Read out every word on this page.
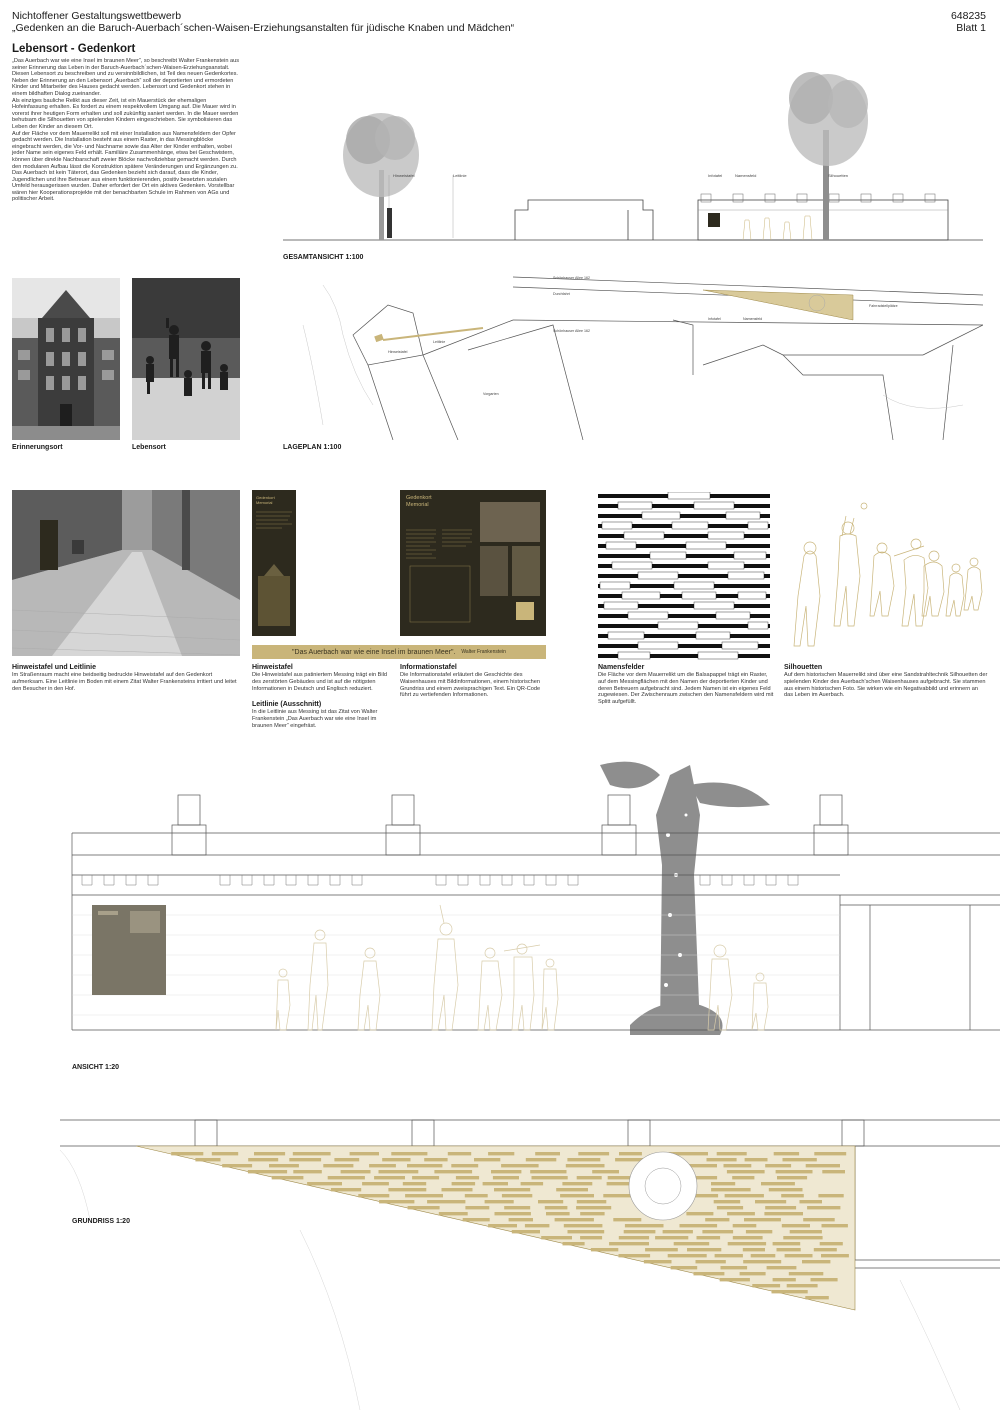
Nichtoffener Gestaltungswettbewerb
„Gedenken an die Baruch-Auerbach´schen-Waisen-Erziehungsanstalten für jüdische Knaben und Mädchen“
648235
Blatt 1
Lebensort - Gedenkort

„Das Auerbach war wie eine Insel im braunen Meer“, so beschreibt Walter Frankenstein aus seiner Erinnerung das Leben in der Baruch-Auerbach´schen-Waisen-Erziehungsanstalt. Diesen Lebensort zu beschreiben und zu versinnbildlichen, ist Teil des neuen Gedenkortes. Neben der Erinnerung an den Lebensort „Auerbach“ soll der deportierten und ermordeten Kinder und Mitarbeiter des Hauses gedacht werden. Lebensort und Gedenkort stehen in einem bildhaften Dialog zueinander.

Als einziges bauliche Relikt aus dieser Zeit, ist ein Mauerstück der ehemaligen Hofeinfassung erhalten. Es fordert zu einem respektvollem Umgang auf. Die Mauer wird in vorerst ihrer heutigen Form erhalten und soll zukünftig saniert werden. In die Mauer werden behutsam die Silhouetten von spielenden Kindern eingeschrieben. Sie symbolisieren das Leben der Kinder an diesem Ort.

Auf der Fläche vor dem Mauerrelikt soll mit einer Installation aus Namensfeldern der Opfer gedacht werden. Die Installation besteht aus einem Raster, in das Messingblöcke eingebracht werden, die Vor- und Nachname sowie das Alter der Kinder enthalten, wobei jeder Name sein eigenes Feld erhält. Familiäre Zusammenhänge, etwa bei Geschwistern, können über direkte Nachbarschaft zweier Blöcke nachvollziehbar gemacht werden. Durch den modularen Aufbau lässt die Konstruktion spätere Veränderungen und Ergänzungen zu.

Das Auerbach ist kein Täterort, das Gedenken bezieht sich darauf, dass die Kinder, Jugendlichen und ihre Betreuer aus einem funktionierenden, positiv besetzten sozialen Umfeld herausgerissen wurden. Daher erfordert der Ort ein aktives Gedenken. Vorstellbar wären hier Kooperationsprojekte mit der benachbarten Schule im Rahmen von AGs und politischer Arbeit.

Erinnerungsort	Lebensort
Hinweistafel	Leitlinie	Infotafel	Namensfeld	Silhouetten
GESAMTANSICHT 1:100
Schönhauser Allee 162
Schönhauser Allee 162
Durchfahrt
Vorgarten
Hinweistafel
Leitlinie
Infotafel	Namensfeld
Fahrradstellplätze
LAGEPLAN 1:100
Gedenkort
Memorial
Gedenkort
Memorial
"Das Auerbach war wie eine Insel im braunen Meer". Walter Frankenstein
Hinweistafel und Leitlinie
Im Straßenraum macht eine beidseitig bedruckte Hinweistafel auf den Gedenkort aufmerksam. Eine Leitlinie im Boden mit einem Zitat Walter Frankensteins irritiert und leitet den Besucher in den Hof.
Hinweistafel
Die Hinweistafel aus patiniertem Messing trägt ein Bild des zerstörten Gebäudes und ist auf die nötigsten Informationen in Deutsch und Englisch reduziert.
Leitlinie (Ausschnitt)
In die Leitlinie aus Messing ist das Zitat von Walter Frankenstein „Das Auerbach war wie eine Insel im braunen Meer“ eingefräst.
Informationstafel
Die Informationstafel erläutert die Geschichte des Waisenhauses mit Bildinformationen, einem historischen Grundriss und einem zweisprachigen Text. Ein QR-Code führt zu vertiefenden Informationen.
Namensfelder
Die Fläche vor dem Mauerrelikt um die Balsapappel trägt ein Raster, auf dem Messingflächen mit den Namen der deportierten Kinder und deren Betreuern aufgebracht sind. Jedem Namen ist ein eigenes Feld zugewiesen. Der Zwischenraum zwischen den Namensfeldern wird mit Splitt aufgefüllt.
Silhouetten
Auf dem historischen Mauerrelikt sind über eine Sandstrahltechnik Silhouetten der spielenden Kinder des Auerbach'schen Waisenhauses aufgebracht. Sie stammen aus einem historischen Foto. Sie wirken wie ein Negativabbild und erinnern an das Leben im Auerbach.
ANSICHT 1:20
GRUNDRISS 1:20
